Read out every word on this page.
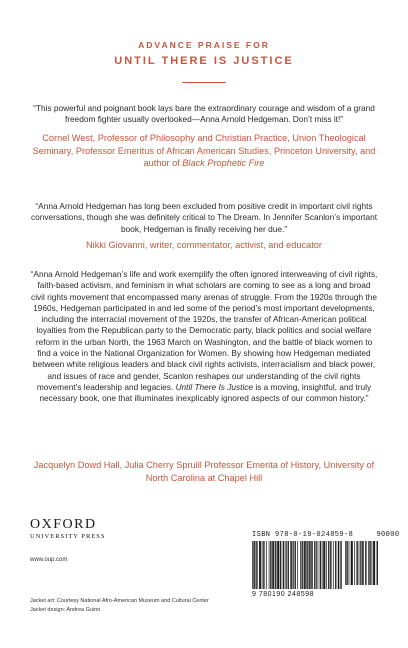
ADVANCE PRAISE FOR
UNTIL THERE IS JUSTICE
“This powerful and poignant book lays bare the extraordinary courage and wisdom of a grand freedom fighter usually overlooked—Anna Arnold Hedgeman. Don’t miss it!”
Cornel West, Professor of Philosophy and Christian Practice, Union Theological Seminary, Professor Emeritus of African American Studies, Princeton University, and author of Black Prophetic Fire
“Anna Arnold Hedgeman has long been excluded from positive credit in important civil rights conversations, though she was definitely critical to The Dream. In Jennifer Scanlon’s important book, Hedgeman is finally receiving her due.”
Nikki Giovanni, writer, commentator, activist, and educator
“Anna Arnold Hedgeman’s life and work exemplify the often ignored interweaving of civil rights, faith-based activism, and feminism in what scholars are coming to see as a long and broad civil rights movement that encompassed many arenas of struggle. From the 1920s through the 1960s, Hedgeman participated in and led some of the period’s most important developments, including the interracial movement of the 1920s, the transfer of African-American political loyalties from the Republican party to the Democratic party, black politics and social welfare reform in the urban North, the 1963 March on Washington, and the battle of black women to find a voice in the National Organization for Women. By showing how Hedgeman mediated between white religious leaders and black civil rights activists, interracialism and black power, and issues of race and gender, Scanlon reshapes our understanding of the civil rights movement’s leadership and legacies. Until There Is Justice is a moving, insightful, and truly necessary book, one that illuminates inexplicably ignored aspects of our common history.”
Jacquelyn Dowd Hall, Julia Cherry Spruill Professor Emerita of History, University of North Carolina at Chapel Hill
OXFORD
UNIVERSITY PRESS
www.oup.com
Jacket art: Courtesy National Afro-American Museum and Cultural Center
Jacket design: Andrea Guinn
ISBN 978-0-19-024859-8	90000
9 780190 248598
